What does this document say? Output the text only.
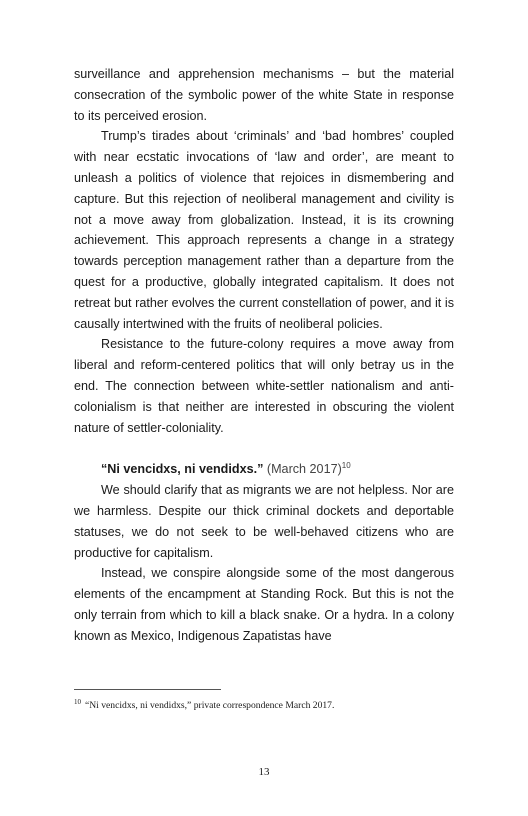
surveillance and apprehension mechanisms – but the material consecration of the symbolic power of the white State in response to its perceived erosion.

Trump’s tirades about ‘criminals’ and ‘bad hombres’ coupled with near ecstatic invocations of ‘law and order’, are meant to unleash a politics of violence that rejoices in dismembering and capture. But this rejection of neoliberal management and civility is not a move away from globalization. Instead, it is its crowning achievement. This approach represents a change in a strategy towards perception management rather than a departure from the quest for a productive, globally integrated capitalism. It does not retreat but rather evolves the current constellation of power, and it is causally intertwined with the fruits of neoliberal policies.

Resistance to the future-colony requires a move away from liberal and reform-centered politics that will only betray us in the end. The connection between white-settler nationalism and anti-colonialism is that neither are interested in obscuring the violent nature of settler-coloniality.

“Ni vencidxs, ni vendidxs.” (March 2017)$^{10}$

We should clarify that as migrants we are not helpless. Nor are we harmless. Despite our thick criminal dockets and deportable statuses, we do not seek to be well-behaved citizens who are productive for capitalism.

Instead, we conspire alongside some of the most dangerous elements of the encampment at Standing Rock. But this is not the only terrain from which to kill a black snake. Or a hydra. In a colony known as Mexico, Indigenous Zapatistas have

$^{10}$ “Ni vencidxs, ni vendidxs,” private correspondence March 2017.
13
